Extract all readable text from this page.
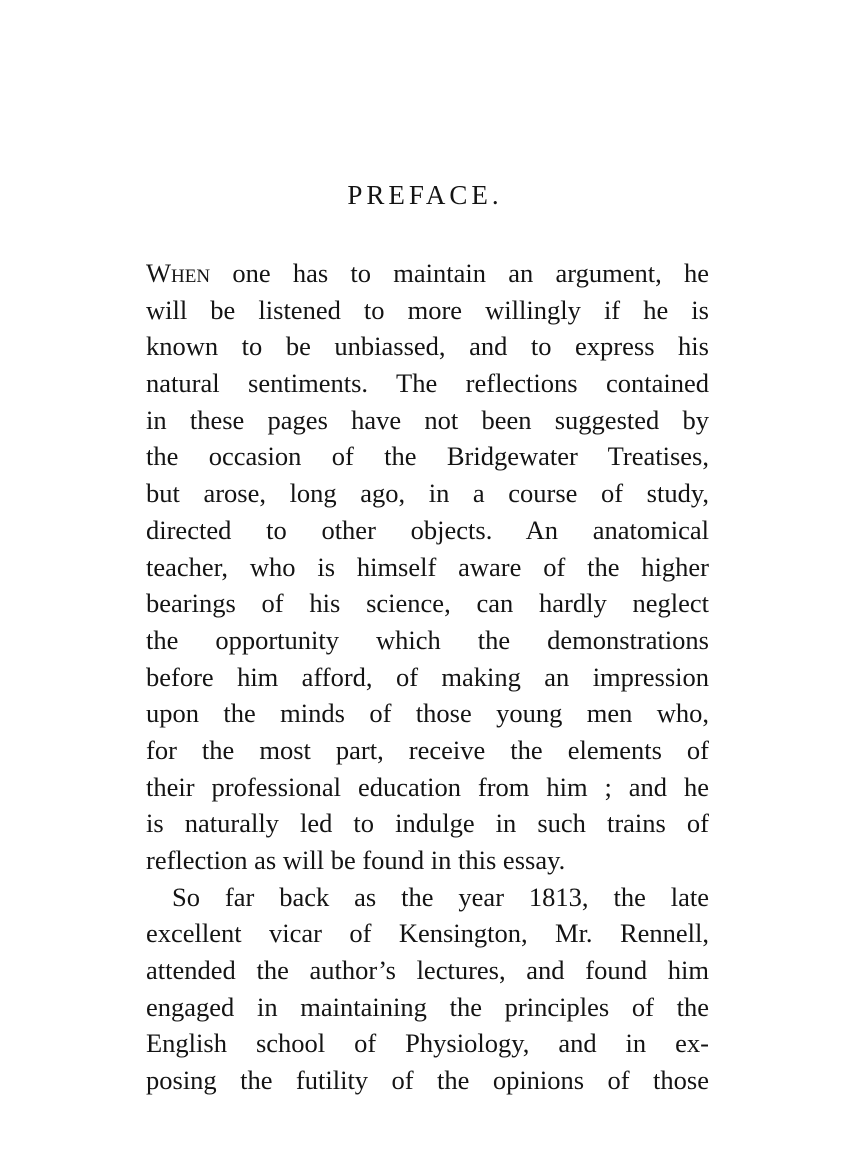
PREFACE.
When one has to maintain an argument, he
will be listened to more willingly if he is
known to be unbiassed, and to express his
natural sentiments. The reflections contained
in these pages have not been suggested by
the occasion of the Bridgewater Treatises,
but arose, long ago, in a course of study,
directed to other objects. An anatomical
teacher, who is himself aware of the higher
bearings of his science, can hardly neglect
the opportunity which the demonstrations
before him afford, of making an impression
upon the minds of those young men who,
for the most part, receive the elements of
their professional education from him ; and he
is naturally led to indulge in such trains of
reflection as will be found in this essay.
So far back as the year 1813, the late
excellent vicar of Kensington, Mr. Rennell,
attended the author’s lectures, and found him
engaged in maintaining the principles of the
English school of Physiology, and in ex-
posing the futility of the opinions of those
